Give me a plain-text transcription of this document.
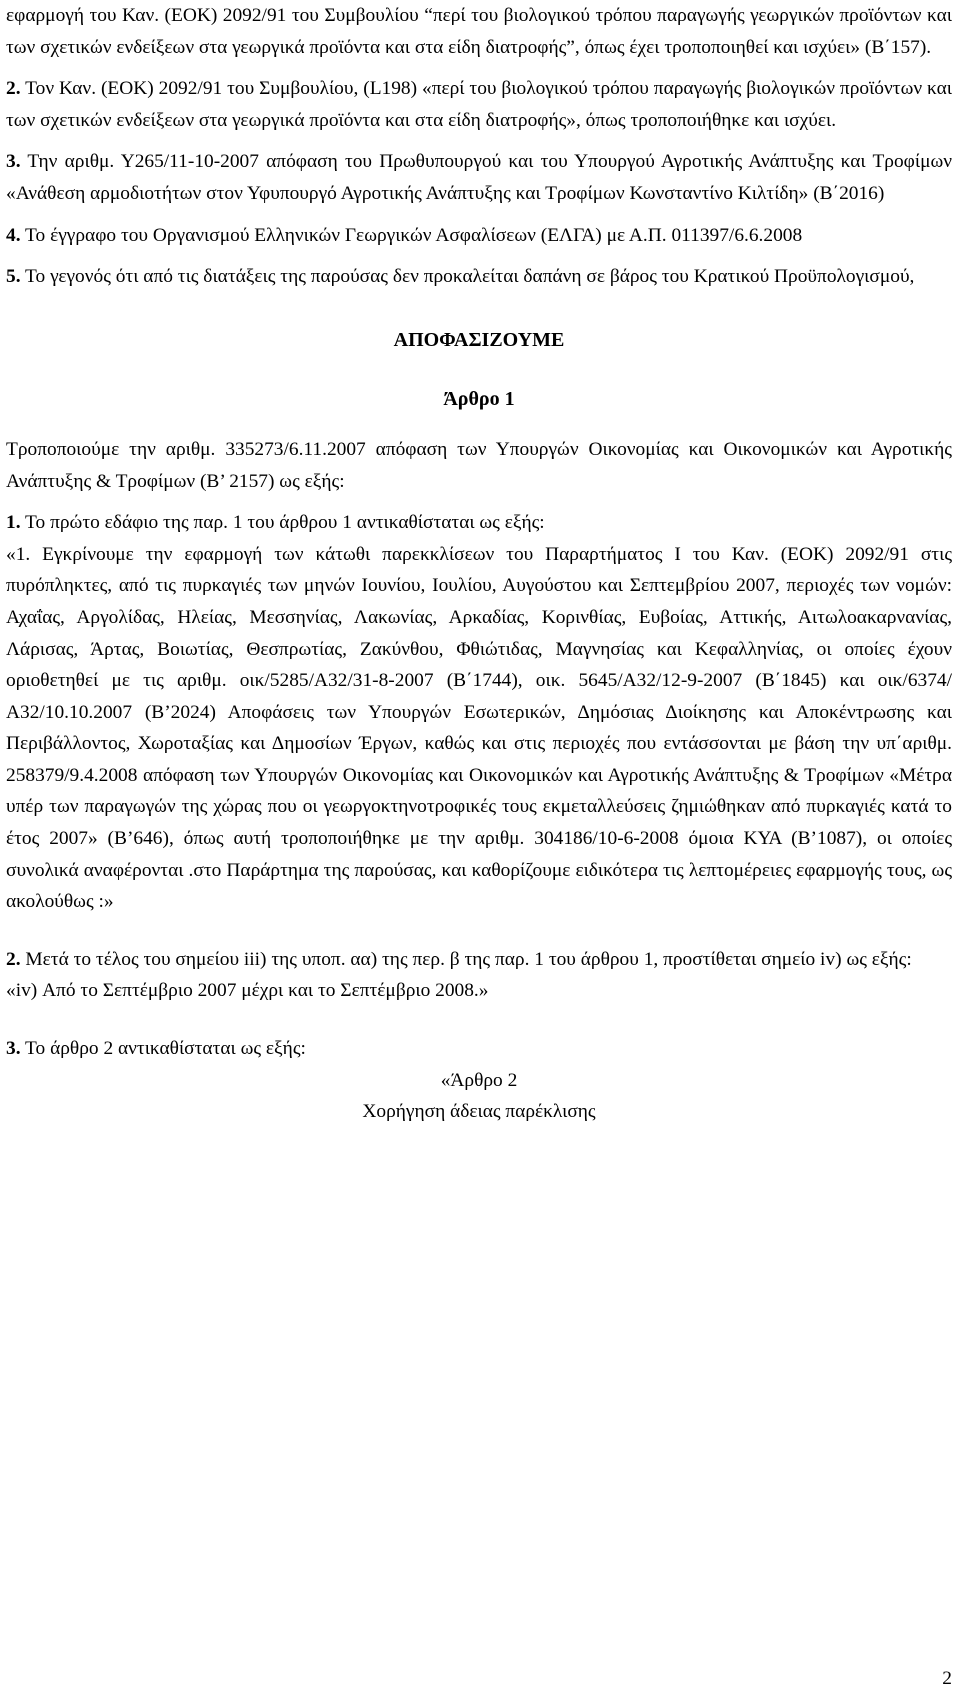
εφαρμογή του Καν. (ΕΟΚ) 2092/91 του Συμβουλίου “περί του βιολογικού τρόπου παραγωγής γεωργικών προϊόντων και των σχετικών ενδείξεων στα γεωργικά προϊόντα και στα είδη διατροφής”, όπως έχει τροποποιηθεί και ισχύει» (Β΄157).

2. Τον Καν. (ΕΟΚ) 2092/91 του Συμβουλίου, (L198) «περί του βιολογικού τρόπου παραγωγής βιολογικών προϊόντων και των σχετικών ενδείξεων στα γεωργικά προϊόντα και στα είδη διατροφής», όπως τροποποιήθηκε και ισχύει.

3. Την αριθμ. Υ265/11-10-2007 απόφαση του Πρωθυπουργού και του Υπουργού Αγροτικής Ανάπτυξης και Τροφίμων «Ανάθεση αρμοδιοτήτων στον Υφυπουργό Αγροτικής Ανάπτυξης και Τροφίμων Κωνσταντίνο Κιλτίδη» (Β΄2016)

4. Το έγγραφο του Οργανισμού Ελληνικών Γεωργικών Ασφαλίσεων (ΕΛΓΑ) με Α.Π. 011397/6.6.2008

5. Το γεγονός ότι από τις διατάξεις της παρούσας δεν προκαλείται δαπάνη σε βάρος του Κρατικού Προϋπολογισμού,

ΑΠΟΦΑΣΙΖΟΥΜΕ

Άρθρο 1

Τροποποιούμε την αριθμ. 335273/6.11.2007 απόφαση των Υπουργών Οικονομίας και Οικονομικών και Αγροτικής Ανάπτυξης & Τροφίμων (Β’ 2157) ως εξής:

1. Το πρώτο εδάφιο της παρ. 1 του άρθρου 1 αντικαθίσταται ως εξής:

«1. Εγκρίνουμε την εφαρμογή των κάτωθι παρεκκλίσεων του Παραρτήματος Ι του Καν. (ΕΟΚ) 2092/91 στις πυρόπληκτες, από τις πυρκαγιές των μηνών Ιουνίου, Ιουλίου, Αυγούστου και Σεπτεμβρίου 2007, περιοχές των νομών: Αχαΐας, Αργολίδας, Ηλείας, Μεσσηνίας, Λακωνίας, Αρκαδίας, Κορινθίας, Ευβοίας, Αττικής, Αιτωλοακαρνανίας, Λάρισας, Άρτας, Βοιωτίας, Θεσπρωτίας, Ζακύνθου, Φθιώτιδας, Μαγνησίας και Κεφαλληνίας, οι οποίες έχουν οριοθετηθεί με τις αριθμ. οικ/5285/Α32/31-8-2007 (Β΄1744), οικ. 5645/Α32/12-9-2007 (Β΄1845) και οικ/6374/Α32/10.10.2007 (Β’2024) Αποφάσεις των Υπουργών Εσωτερικών, Δημόσιας Διοίκησης και Αποκέντρωσης και Περιβάλλοντος, Χωροταξίας και Δημοσίων Έργων, καθώς και στις περιοχές που εντάσσονται με βάση την υπ΄αριθμ. 258379/9.4.2008 απόφαση των Υπουργών Οικονομίας και Οικονομικών και Αγροτικής Ανάπτυξης & Τροφίμων «Μέτρα υπέρ των παραγωγών της χώρας που οι γεωργοκτηνοτροφικές τους εκμεταλλεύσεις ζημιώθηκαν από πυρκαγιές κατά το έτος 2007» (Β’646), όπως αυτή τροποποιήθηκε με την αριθμ. 304186/10-6-2008 όμοια ΚΥΑ (Β’1087), οι οποίες συνολικά αναφέρονται .στο Παράρτημα της παρούσας, και καθορίζουμε ειδικότερα τις λεπτομέρειες εφαρμογής τους, ως ακολούθως :»

2. Μετά το τέλος του σημείου iii) της υποπ. αα) της περ. β της παρ. 1 του άρθρου 1, προστίθεται σημείο iv) ως εξής:

«iv) Από το Σεπτέμβριο 2007 μέχρι και το Σεπτέμβριο 2008.»

3. Το άρθρο 2 αντικαθίσταται ως εξής:

«Άρθρο 2

Χορήγηση άδειας παρέκλισης

2
